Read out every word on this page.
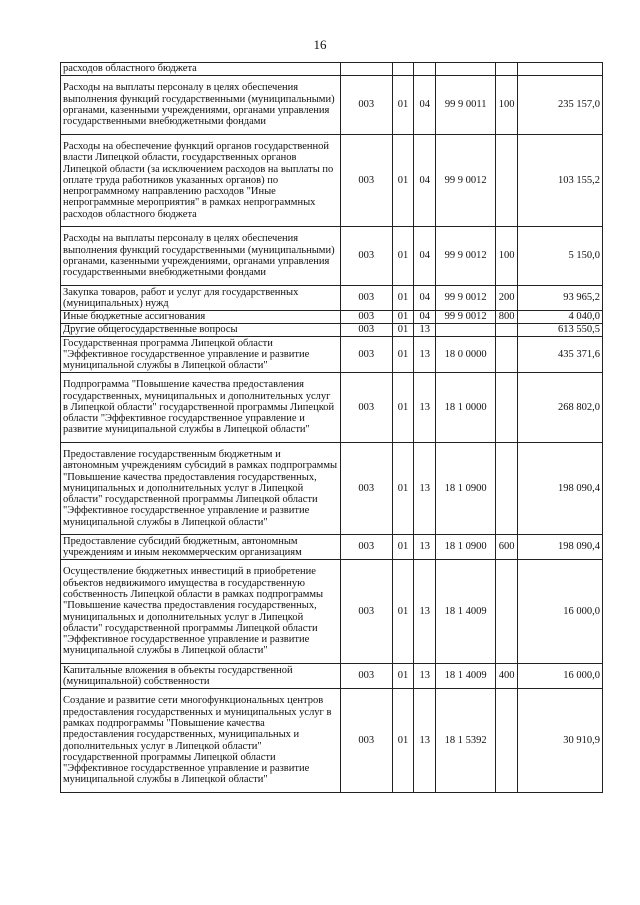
16
расходов областного бюджета						
Расходы на выплаты персоналу в целях обеспечения выполнения функций государственными (муниципальными) органами, казенными учреждениями, органами управления государственными внебюджетными фондами	003	01	04	99 9 0011	100	235 157,0
Расходы на обеспечение функций органов государственной власти Липецкой области, государственных органов Липецкой области (за исключением расходов на выплаты по оплате труда работников указанных органов) по непрограммному направлению расходов "Иные непрограммные мероприятия" в рамках непрограммных расходов областного бюджета	003	01	04	99 9 0012		103 155,2
Расходы на выплаты персоналу в целях обеспечения выполнения функций государственными (муниципальными) органами, казенными учреждениями, органами управления государственными внебюджетными фондами	003	01	04	99 9 0012	100	5 150,0
Закупка товаров, работ и услуг для государственных (муниципальных) нужд	003	01	04	99 9 0012	200	93 965,2
Иные бюджетные ассигнования	003	01	04	99 9 0012	800	4 040,0
Другие общегосударственные вопросы	003	01	13			613 550,5
Государственная программа Липецкой области "Эффективное государственное управление и развитие муниципальной службы в Липецкой области"	003	01	13	18 0 0000		435 371,6
Подпрограмма "Повышение качества предоставления государственных, муниципальных и дополнительных услуг в Липецкой области" государственной программы Липецкой области "Эффективное государственное управление и развитие муниципальной службы в Липецкой области"	003	01	13	18 1 0000		268 802,0
Предоставление государственным бюджетным и автономным учреждениям субсидий в рамках подпрограммы "Повышение качества предоставления государственных, муниципальных и дополнительных услуг в Липецкой области" государственной программы Липецкой области "Эффективное государственное управление и развитие муниципальной службы в Липецкой области"	003	01	13	18 1 0900		198 090,4
Предоставление субсидий бюджетным, автономным учреждениям и иным некоммерческим организациям	003	01	13	18 1 0900	600	198 090,4
Осуществление бюджетных инвестиций в приобретение объектов недвижимого имущества в государственную собственность Липецкой области в рамках подпрограммы "Повышение качества предоставления государственных, муниципальных и дополнительных услуг в Липецкой области" государственной программы Липецкой области "Эффективное государственное управление и развитие муниципальной службы в Липецкой области"	003	01	13	18 1 4009		16 000,0
Капитальные вложения в объекты государственной (муниципальной) собственности	003	01	13	18 1 4009	400	16 000,0
Создание и развитие сети многофункциональных центров предоставления государственных и муниципальных услуг в рамках подпрограммы "Повышение качества предоставления государственных, муниципальных и дополнительных услуг в Липецкой области" государственной программы Липецкой области "Эффективное государственное управление и развитие муниципальной службы в Липецкой области"	003	01	13	18 1 5392		30 910,9
